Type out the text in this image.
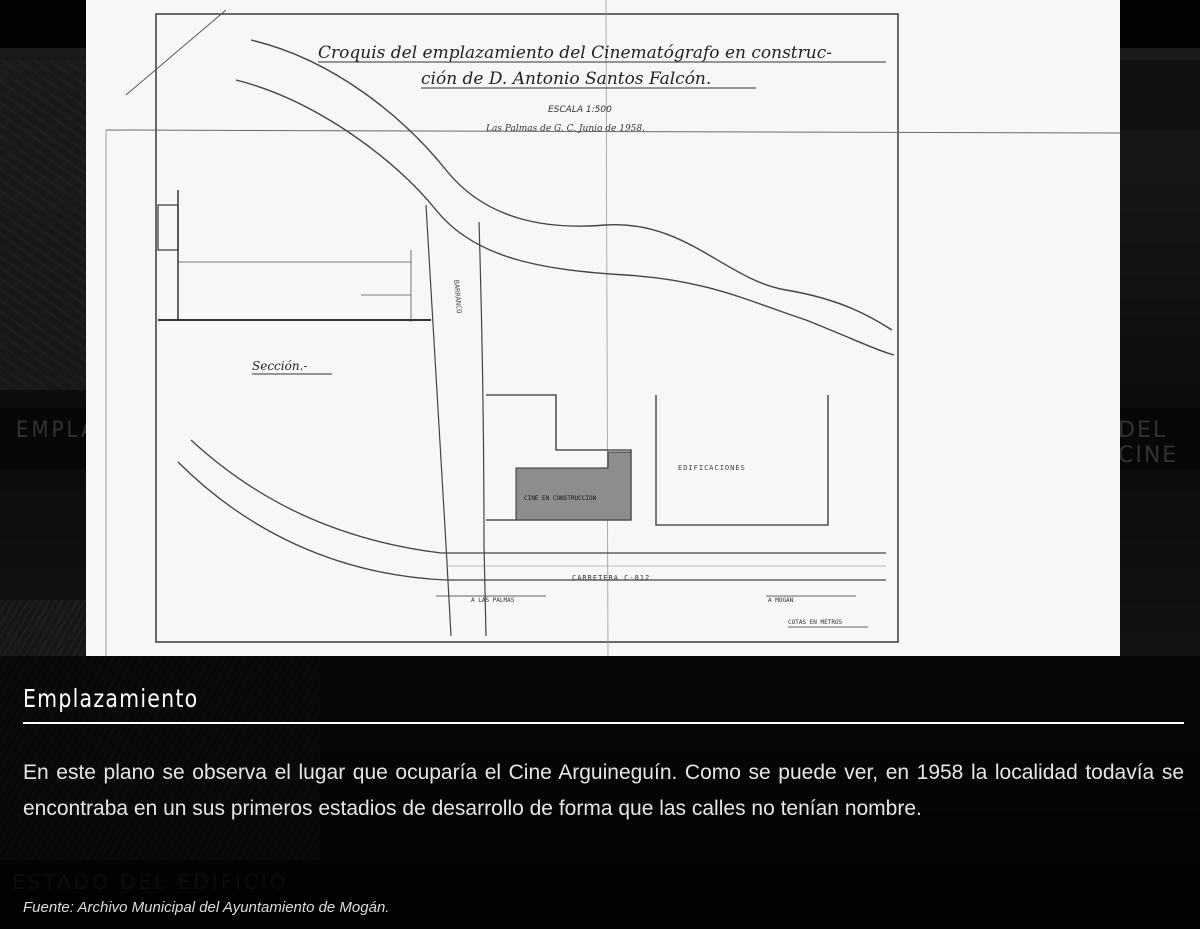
Croquis del emplazamiento del Cinematógrafo en construc-
ción de D. Antonio Santos Falcón.
ESCALA 1:500
Las Palmas de G. C. Junio de 1958.
BARRANCO
Sección.-
CINE EN CONSTRUCCION
EDIFICACIONES
CARRETERA C-812
A LAS PALMAS	A MOGAN
COTAS EN METROS
Emplazamiento

En este plano se observa el lugar que ocuparía el Cine Arguineguín. Como se puede ver, en 1958 la localidad todavía se encontraba en un sus primeros estadios de desarrollo de forma que las calles no tenían nombre.

Fuente: Archivo Municipal del Ayuntamiento de Mogán.
